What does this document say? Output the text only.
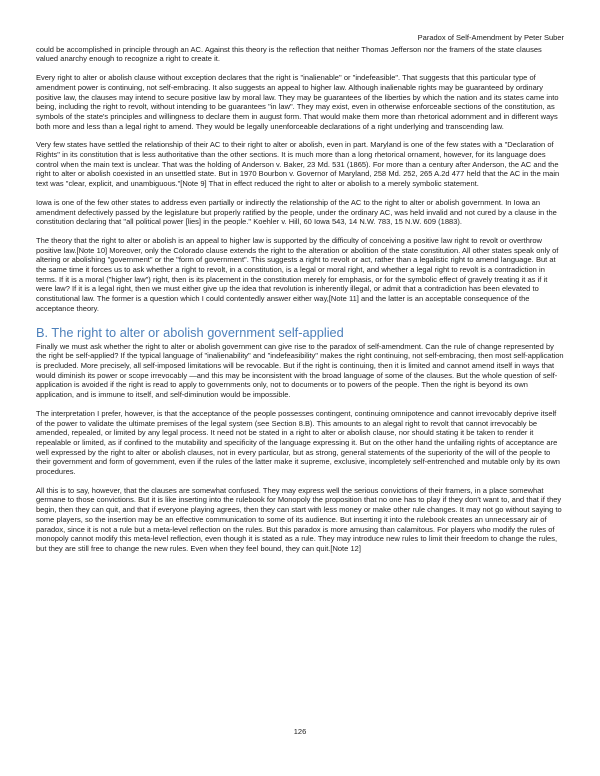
Paradox of Self-Amendment by Peter Suber

could be accomplished in principle through an AC. Against this theory is the reflection that neither Thomas Jefferson nor the framers of the state clauses valued anarchy enough to recognize a right to create it.

Every right to alter or abolish clause without exception declares that the right is "inalienable" or "indefeasible". That suggests that this particular type of amendment power is continuing, not self-embracing. It also suggests an appeal to higher law. Although inalienable rights may be guaranteed by ordinary positive law, the clauses may intend to secure positive law by moral law. They may be guarantees of the liberties by which the nation and its states came into being, including the right to revolt, without intending to be guarantees "in law". They may exist, even in otherwise enforceable sections of the constitution, as symbols of the state's principles and willingness to declare them in august form. That would make them more than rhetorical adornment and in different ways both more and less than a legal right to amend. They would be legally unenforceable declarations of a right underlying and transcending law.

Very few states have settled the relationship of their AC to their right to alter or abolish, even in part. Maryland is one of the few states with a "Declaration of Rights" in its constitution that is less authoritative than the other sections. It is much more than a long rhetorical ornament, however, for its language does control when the main text is unclear. That was the holding of Anderson v. Baker, 23 Md. 531 (1865). For more than a century after Anderson, the AC and the right to alter or abolish coexisted in an unsettled state. But in 1970 Bourbon v. Governor of Maryland, 258 Md. 252, 265 A.2d 477 held that the AC in the main text was "clear, explicit, and unambiguous."[Note 9] That in effect reduced the right to alter or abolish to a merely symbolic statement.

Iowa is one of the few other states to address even partially or indirectly the relationship of the AC to the right to alter or abolish government. In Iowa an amendment defectively passed by the legislature but properly ratified by the people, under the ordinary AC, was held invalid and not cured by a clause in the constitution declaring that "all political power [lies] in the people." Koehler v. Hill, 60 Iowa 543, 14 N.W. 783, 15 N.W. 609 (1883).

The theory that the right to alter or abolish is an appeal to higher law is supported by the difficulty of conceiving a positive law right to revolt or overthrow positive law.[Note 10] Moreover, only the Colorado clause extends the right to the alteration or abolition of the state constitution. All other states speak only of altering or abolishing "government" or the "form of government". This suggests a right to revolt or act, rather than a legalistic right to amend language. But at the same time it forces us to ask whether a right to revolt, in a constitution, is a legal or moral right, and whether a legal right to revolt is a contradiction in terms. If it is a moral ("higher law") right, then is its placement in the constitution merely for emphasis, or for the symbolic effect of gravely treating it as if it were law? If it is a legal right, then we must either give up the idea that revolution is inherently illegal, or admit that a contradiction has been elevated to constitutional law. The former is a question which I could contentedly answer either way,[Note 11] and the latter is an acceptable consequence of the acceptance theory.

B. The right to alter or abolish government self-applied

Finally we must ask whether the right to alter or abolish government can give rise to the paradox of self-amendment. Can the rule of change represented by the right be self-applied? If the typical language of "inalienability" and "indefeasibility" makes the right continuing, not self-embracing, then most self-application is precluded. More precisely, all self-imposed limitations will be revocable. But if the right is continuing, then it is limited and cannot amend itself in ways that would diminish its power or scope irrevocably —and this may be inconsistent with the broad language of some of the clauses. But the whole question of self-application is avoided if the right is read to apply to governments only, not to documents or to powers of the people. Then the right is beyond its own application, and is immune to itself, and self-diminution would be impossible.

The interpretation I prefer, however, is that the acceptance of the people possesses contingent, continuing omnipotence and cannot irrevocably deprive itself of the power to validate the ultimate premises of the legal system (see Section 8.B). This amounts to an alegal right to revolt that cannot irrevocably be amended, repealed, or limited by any legal process. It need not be stated in a right to alter or abolish clause, nor should stating it be taken to render it repealable or limited, as if confined to the mutability and specificity of the language expressing it. But on the other hand the unfailing rights of acceptance are well expressed by the right to alter or abolish clauses, not in every particular, but as strong, general statements of the superiority of the will of the people to their government and form of government, even if the rules of the latter make it supreme, exclusive, incompletely self-entrenched and mutable only by its own procedures.

All this is to say, however, that the clauses are somewhat confused. They may express well the serious convictions of their framers, in a place somewhat germane to those convictions. But it is like inserting into the rulebook for Monopoly the proposition that no one has to play if they don't want to, and that if they begin, then they can quit, and that if everyone playing agrees, then they can start with less money or make other rule changes. It may not go without saying to some players, so the insertion may be an effective communication to some of its audience. But inserting it into the rulebook creates an unnecessary air of paradox, since it is not a rule but a meta-level reflection on the rules. But this paradox is more amusing than calamitous. For players who modify the rules of monopoly cannot modify this meta-level reflection, even though it is stated as a rule. They may introduce new rules to limit their freedom to change the rules, but they are still free to change the new rules. Even when they feel bound, they can quit.[Note 12]

126
